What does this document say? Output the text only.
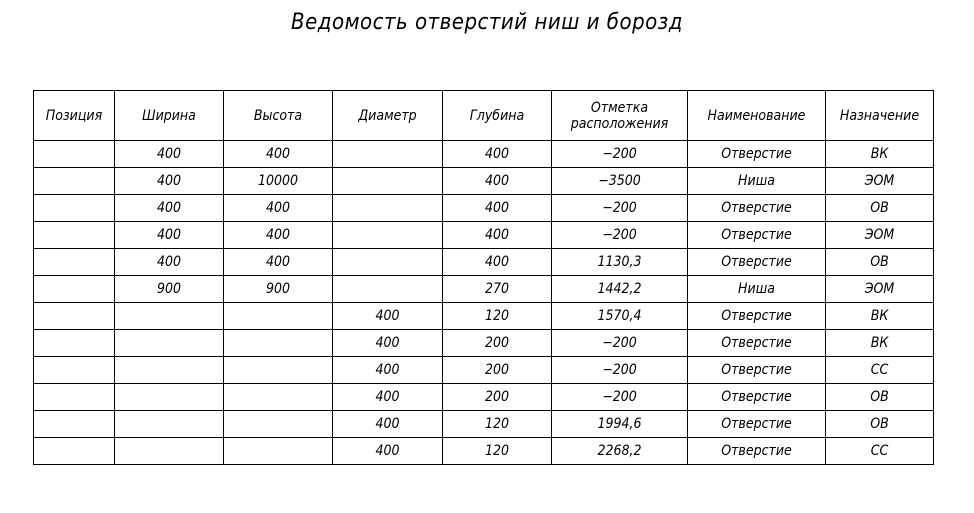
Ведомость отверстий ниш и борозд
Позиция	Ширина	Высота	Диаметр	Глубина	Отметка расположения	Наименование	Назначение
	400	400		400	−200	Отверстие	ВК
	400	10000		400	−3500	Ниша	ЭОМ
	400	400		400	−200	Отверстие	ОВ
	400	400		400	−200	Отверстие	ЭОМ
	400	400		400	1130,3	Отверстие	ОВ
	900	900		270	1442,2	Ниша	ЭОМ
			400	120	1570,4	Отверстие	ВК
			400	200	−200	Отверстие	ВК
			400	200	−200	Отверстие	СС
			400	200	−200	Отверстие	ОВ
			400	120	1994,6	Отверстие	ОВ
			400	120	2268,2	Отверстие	СС
